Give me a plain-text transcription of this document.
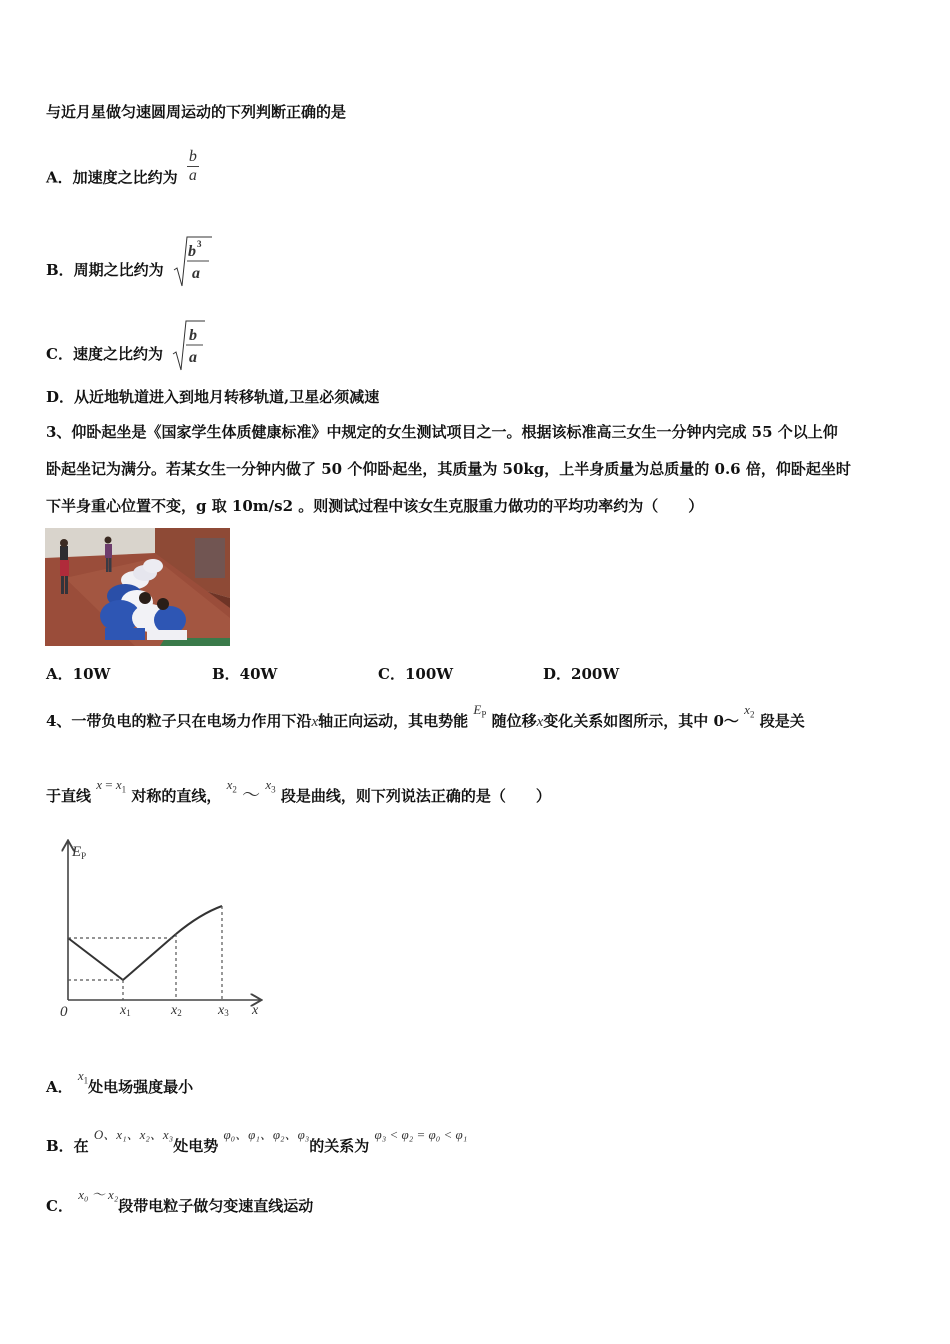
与近月星做匀速圆周运动的下列判断正确的是
A．加速度之比约为 $\frac{b}{a}$
B．周期之比约为
b 3
a
C．速度之比约为
b
a
D．从近地轨道进入到地月转移轨道,卫星必须减速
3、仰卧起坐是《国家学生体质健康标准》中规定的女生测试项目之一。根据该标准高三女生一分钟内完成 55 个以上仰
卧起坐记为满分。若某女生一分钟内做了 50 个仰卧起坐，其质量为 50kg，上半身质量为总质量的 0.6 倍，仰卧起坐时
下半身重心位置不变，g 取 10m/s2 。则测试过程中该女生克服重力做功的平均功率约为（　　）
A．10W	B．40W	C．100W	D．200W
4、一带负电的粒子只在电场力作用下沿x轴正向运动，其电势能 $E_P$ 随位移x变化关系如图所示，其中 0～ $x_2$ 段是关
于直线 $x = x_1$ 对称的直线， $x_2$ ～ $x_3$ 段是曲线，则下列说法正确的是（　　）
$E_P$
0	x
x1	x2	x3
A． $x_1$处电场强度最小
B．在 O、x₁、x₂、x₃处电势 φ₀、φ₁、φ₂、φ₃的关系为 φ₃ < φ₂ = φ₀ < φ₁
C． x₀ ～ x₂段带电粒子做匀变速直线运动
